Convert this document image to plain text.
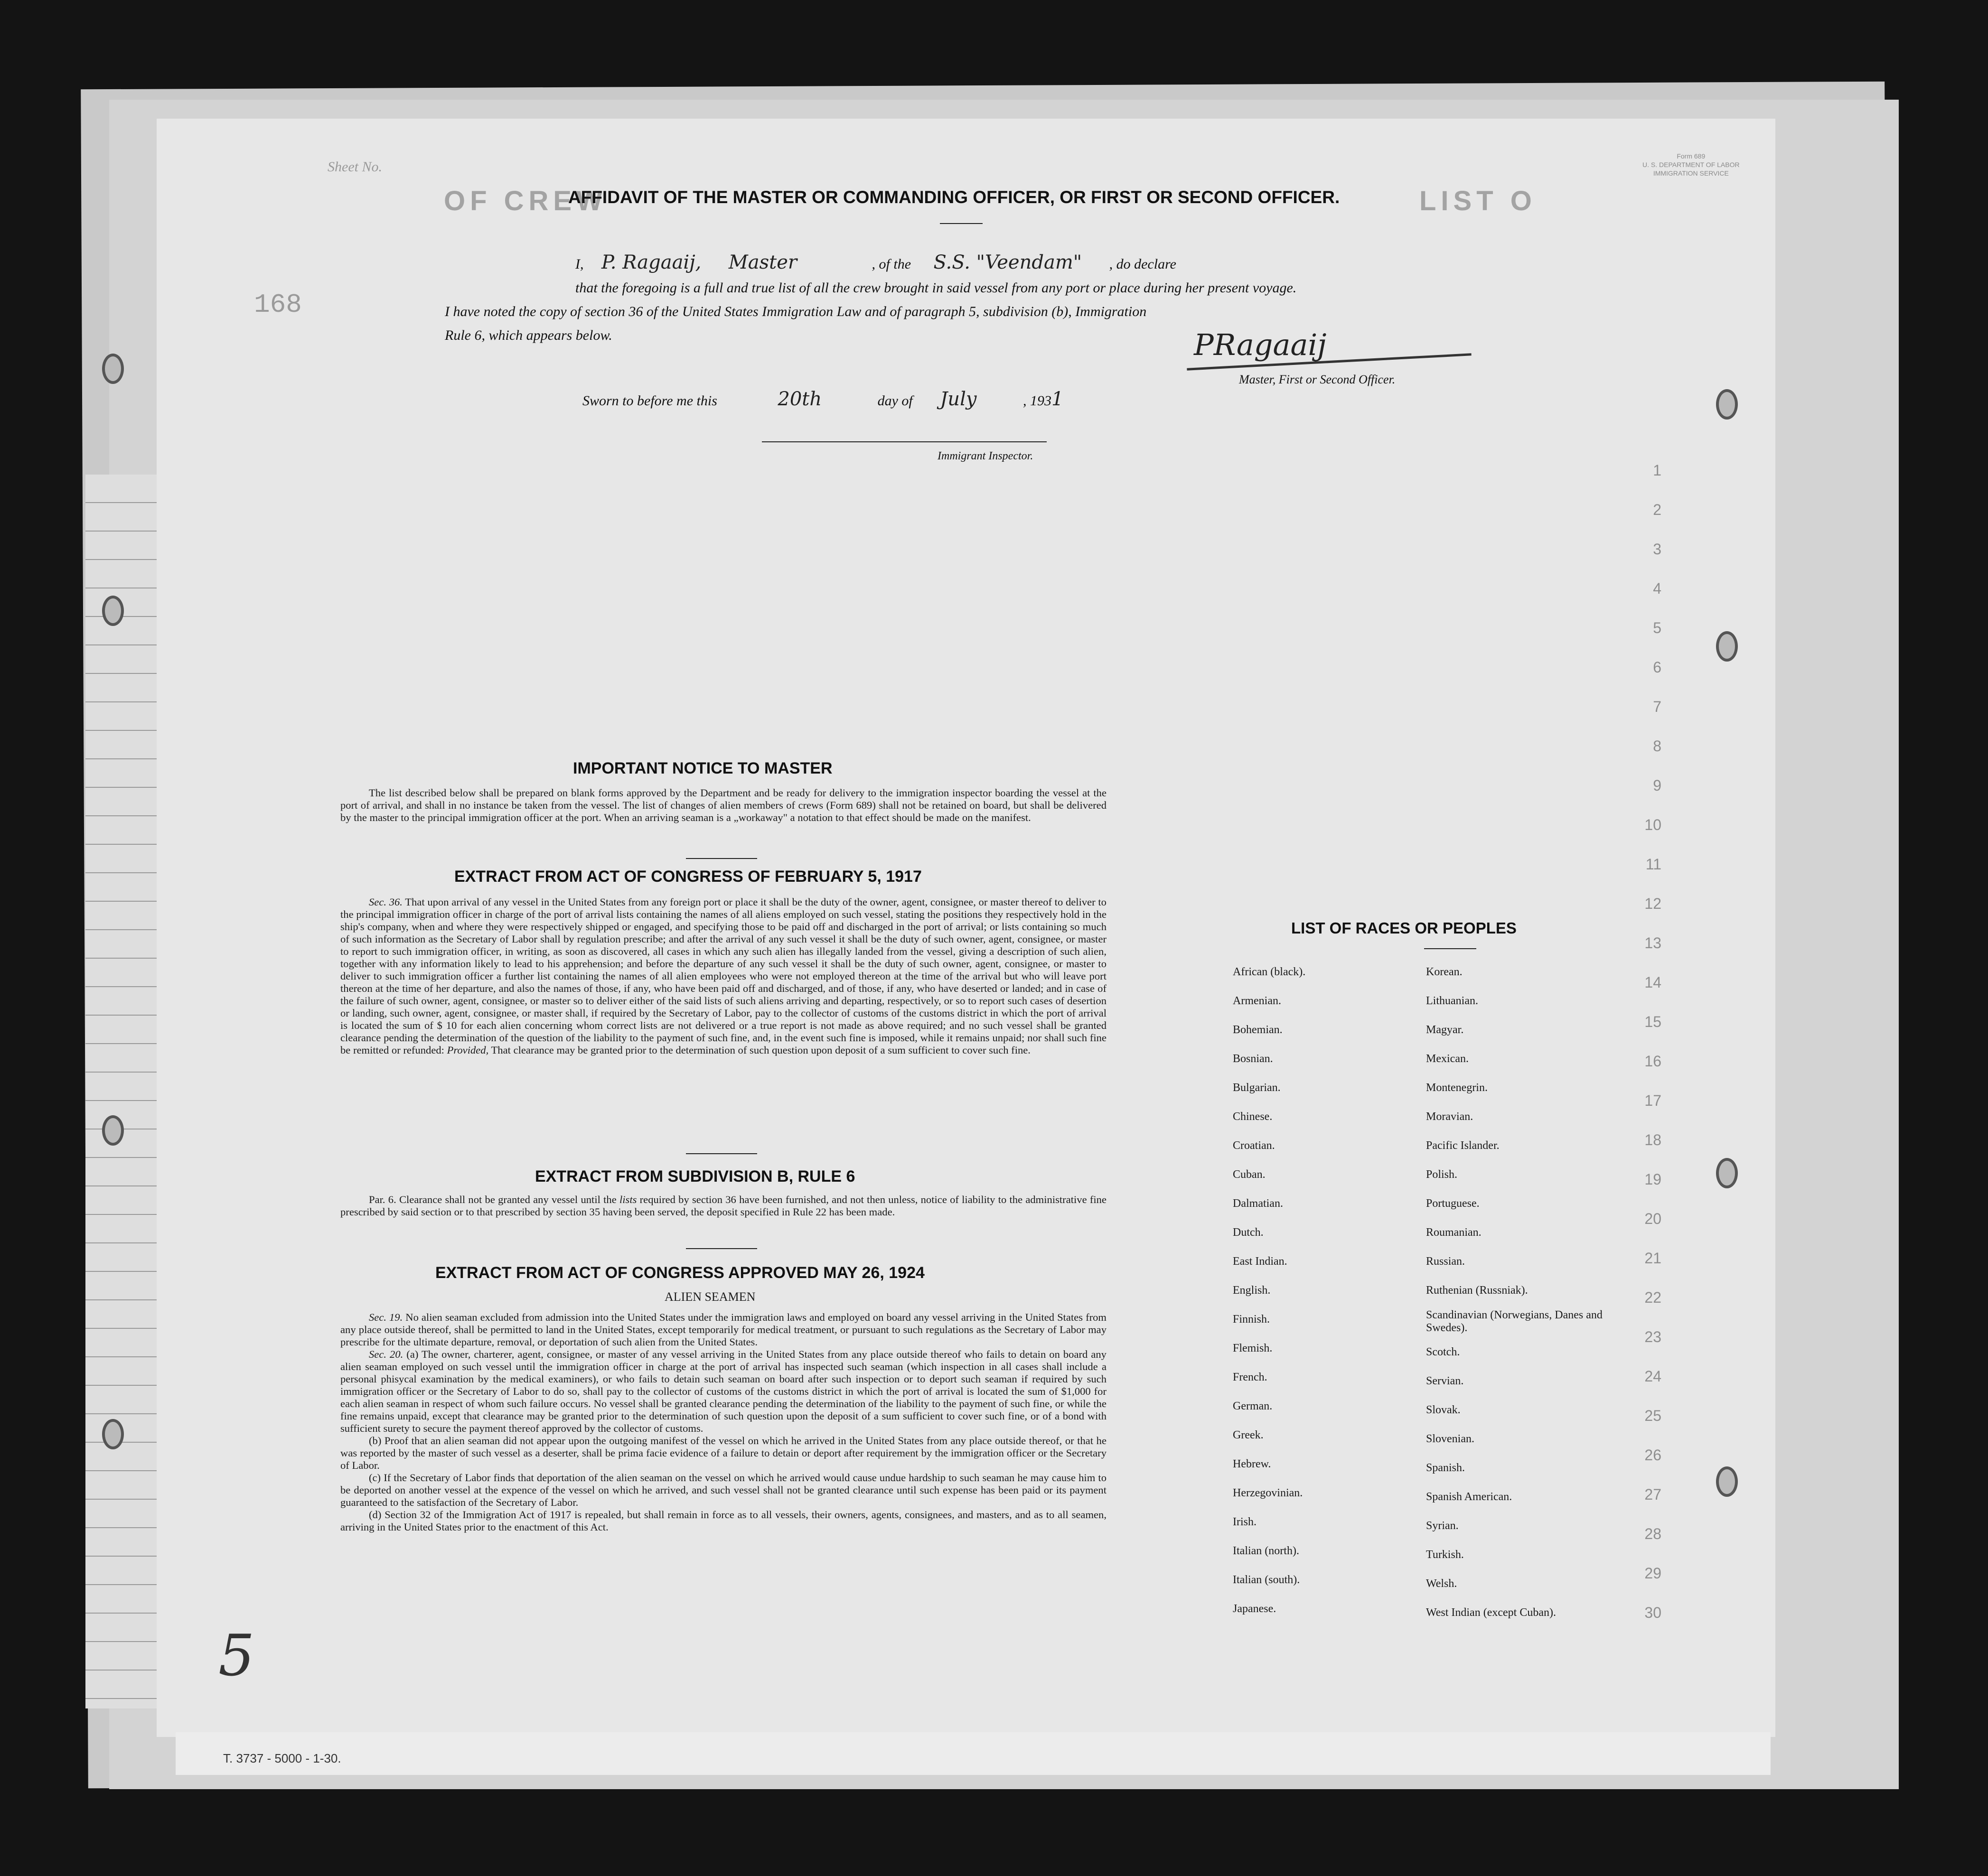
T. 3737 - 5000 - 1-30.
LIST O
OF CREW
168
Sheet No.
Form 689
U. S. DEPARTMENT OF LABOR
IMMIGRATION SERVICE
1
2
3
4
5
6
7
8
9
10
11
12
13
14
15
16
17
18
19
20
21
22
23
24
25
26
27
28
29
30
AFFIDAVIT OF THE MASTER OR COMMANDING OFFICER, OR FIRST OR SECOND OFFICER.
I, P. Ragaaij, Master	, of the S.S. "Veendam" , do declare
that the foregoing is a full and true list of all the crew brought in said vessel from any port or place during her present voyage.
I have noted the copy of section 36 of the United States Immigration Law and of paragraph 5, subdivision (b), Immigration
Rule 6, which appears below.	PRagaaij
Master, First or Second Officer.
Sworn to before me this	20th	day of July	, 1931
Immigrant Inspector.
IMPORTANT NOTICE TO MASTER

The list described below shall be prepared on blank forms approved by the Department and be ready for delivery to the immigration inspector boarding the vessel at the port of arrival, and shall in no instance be taken from the vessel. The list of changes of alien members of crews (Form 689) shall not be retained on board, but shall be delivered by the master to the principal immigration officer at the port. When an arriving seaman is a „workaway" a notation to that effect should be made on the manifest.

EXTRACT FROM ACT OF CONGRESS OF FEBRUARY 5, 1917

Sec. 36. That upon arrival of any vessel in the United States from any foreign port or place it shall be the duty of the owner, agent, consignee, or master thereof to deliver to the principal immigration officer in charge of the port of arrival lists containing the names of all aliens employed on such vessel, stating the positions they respectively hold in the ship's company, when and where they were respectively shipped or engaged, and specifying those to be paid off and discharged in the port of arrival; or lists containing so much of such information as the Secretary of Labor shall by regulation prescribe; and after the arrival of any such vessel it shall be the duty of such owner, agent, consignee, or master to report to such immigration officer, in writing, as soon as discovered, all cases in which any such alien has illegally landed from the vessel, giving a description of such alien, together with any information likely to lead to his apprehension; and before the departure of any such vessel it shall be the duty of such owner, agent, consignee, or master to deliver to such immigration officer a further list containing the names of all alien employees who were not employed thereon at the time of the arrival but who will leave port thereon at the time of her departure, and also the names of those, if any, who have been paid off and discharged, and of those, if any, who have deserted or landed; and in case of the failure of such owner, agent, consignee, or master so to deliver either of the said lists of such aliens arriving and departing, respectively, or so to report such cases of desertion or landing, such owner, agent, consignee, or master shall, if required by the Secretary of Labor, pay to the collector of customs of the customs district in which the port of arrival is located the sum of $ 10 for each alien concerning whom correct lists are not delivered or a true report is not made as above required; and no such vessel shall be granted clearance pending the determination of the question of the liability to the payment of such fine, and, in the event such fine is imposed, while it remains unpaid; nor shall such fine be remitted or refunded: Provided, That clearance may be granted prior to the determination of such question upon deposit of a sum sufficient to cover such fine.

EXTRACT FROM SUBDIVISION B, RULE 6

Par. 6. Clearance shall not be granted any vessel until the lists required by section 36 have been furnished, and not then unless, notice of liability to the administrative fine prescribed by said section or to that prescribed by section 35 having been served, the deposit specified in Rule 22 has been made.

EXTRACT FROM ACT OF CONGRESS APPROVED MAY 26, 1924
ALIEN SEAMEN

Sec. 19. No alien seaman excluded from admission into the United States under the immigration laws and employed on board any vessel arriving in the United States from any place outside thereof, shall be permitted to land in the United States, except temporarily for medical treatment, or pursuant to such regulations as the Secretary of Labor may prescribe for the ultimate departure, removal, or deportation of such alien from the United States.

Sec. 20. (a) The owner, charterer, agent, consignee, or master of any vessel arriving in the United States from any place outside thereof who fails to detain on board any alien seaman employed on such vessel until the immigration officer in charge at the port of arrival has inspected such seaman (which inspection in all cases shall include a personal phisycal examination by the medical examiners), or who fails to detain such seaman on board after such inspection or to deport such seaman if required by such immigration officer or the Secretary of Labor to do so, shall pay to the collector of customs of the customs district in which the port of arrival is located the sum of $1,000 for each alien seaman in respect of whom such failure occurs. No vessel shall be granted clearance pending the determination of the liability to the payment of such fine, or while the fine remains unpaid, except that clearance may be granted prior to the determination of such question upon the deposit of a sum sufficient to cover such fine, or of a bond with sufficient surety to secure the payment thereof approved by the collector of customs.

(b) Proof that an alien seaman did not appear upon the outgoing manifest of the vessel on which he arrived in the United States from any place outside thereof, or that he was reported by the master of such vessel as a deserter, shall be prima facie evidence of a failure to detain or deport after requirement by the immigration officer or the Secretary of Labor.

(c) If the Secretary of Labor finds that deportation of the alien seaman on the vessel on which he arrived would cause undue hardship to such seaman he may cause him to be deported on another vessel at the expence of the vessel on which he arrived, and such vessel shall not be granted clearance until such expense has been paid or its payment guaranteed to the satisfaction of the Secretary of Labor.

(d) Section 32 of the Immigration Act of 1917 is repealed, but shall remain in force as to all vessels, their owners, agents, consignees, and masters, and as to all seamen, arriving in the United States prior to the enactment of this Act.

LIST OF RACES OR PEOPLES
African (black).
Armenian.
Bohemian.
Bosnian.
Bulgarian.
Chinese.
Croatian.
Cuban.
Dalmatian.
Dutch.
East Indian.
English.
Finnish.
Flemish.
French.
German.
Greek.
Hebrew.
Herzegovinian.
Irish.
Italian (north).
Italian (south).
Japanese.
Korean.
Lithuanian.
Magyar.
Mexican.
Montenegrin.
Moravian.
Pacific Islander.
Polish.
Portuguese.
Roumanian.
Russian.
Ruthenian (Russniak).
Scandinavian (Norwegians, Danes and Swedes).
Scotch.
Servian.
Slovak.
Slovenian.
Spanish.
Spanish American.
Syrian.
Turkish.
Welsh.
West Indian (except Cuban).
5
